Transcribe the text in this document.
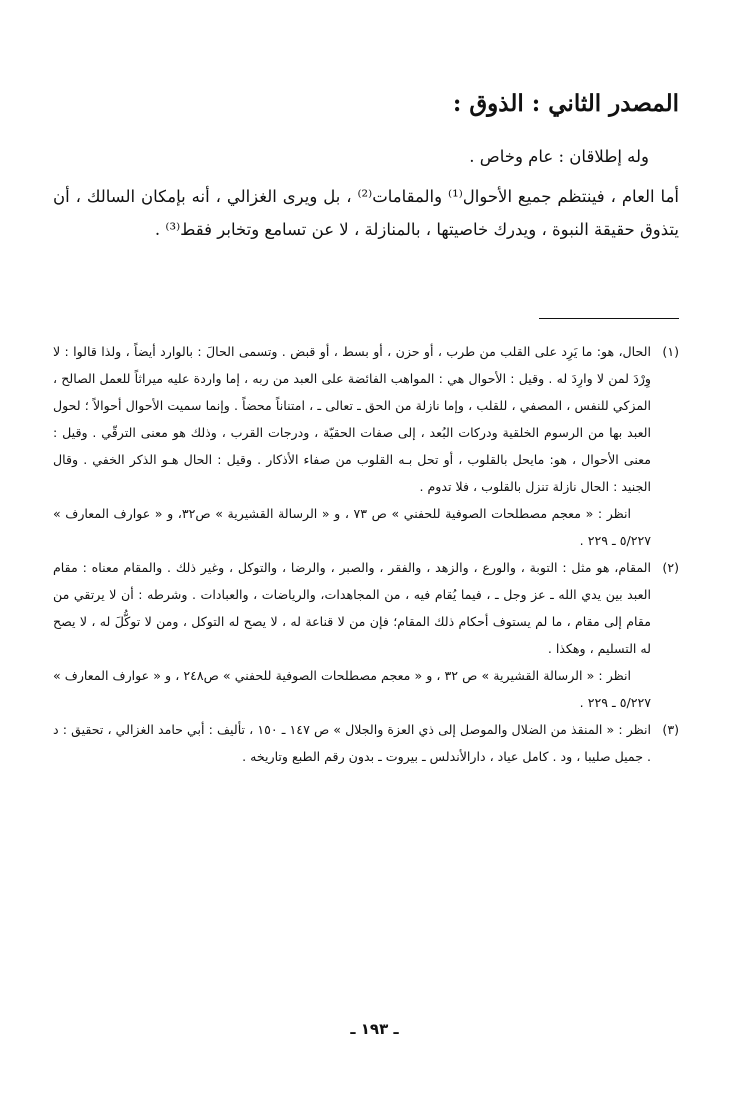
المصدر الثاني : الذوق :
وله إطلاقان : عام وخاص .
أما العام ، فينتظم جميع الأحوال⁽¹⁾ والمقامات⁽²⁾ ، بل ويرى الغزالي ، أنه بإمكان السالك ، أن يتذوق حقيقة النبوة ، ويدرك خاصيتها ، بالمنازلة ، لا عن تسامع وتخابر فقط⁽³⁾ .
(١)

الحال، هو: ما يَرِد على القلب من طرب ، أو حزن ، أو بسط ، أو قبض . وتسمى الحالَ : بالوارد أيضاً ، ولذا قالوا : لا وِرْدَ لمن لا وارِدَ له . وقيل : الأحوال هي : المواهب الفائضة على العبد من ربه ، إما واردة عليه ميراثاً للعمل الصالح ، المزكي للنفس ، المصفي ، للقلب ، وإما نازلة من الحق ـ تعالى ـ ، امتناناً محضاً . وإنما سميت الأحوال أحوالاً ؛ لحول العبد بها من الرسوم الخلقية ودركات البُعد ، إلى صفات الحقيّة ، ودرجات القرب ، وذلك هو معنى الترقّي . وقيل : معنى الأحوال ، هو: مايحل بالقلوب ، أو تحل بـه القلوب من صفاء الأذكار . وقيل : الحال هـو الذكر الخفي . وقال الجنيد : الحال نازلة تنزل بالقلوب ، فلا تدوم .

انظر : « معجم مصطلحات الصوفية للحفني » ص ٧٣ ، و « الرسالة القشيرية » ص٣٢، و « عوارف المعارف » ٥/٢٢٧ ـ ٢٢٩ .

(٢)

المقام، هو مثل : التوبة ، والورع ، والزهد ، والفقر ، والصبر ، والرضا ، والتوكل ، وغير ذلك . والمقام معناه : مقام العبد بين يدي الله ـ عز وجل ـ ، فيما يُقام فيه ، من المجاهدات، والرياضات ، والعبادات . وشرطه : أن لا يرتقي من مقام إلى مقام ، ما لم يستوف أحكام ذلك المقام؛ فإن من لا قناعة له ، لا يصح له التوكل ، ومن لا توكُّلَ له ، لا يصح له التسليم ، وهكذا .

انظر : « الرسالة القشيرية » ص ٣٢ ، و « معجم مصطلحات الصوفية للحفني » ص٢٤٨ ، و « عوارف المعارف » ٥/٢٢٧ ـ ٢٢٩ .

(٣)

انظر : « المنقذ من الضلال والموصل إلى ذي العزة والجلال » ص ١٤٧ ـ ١٥٠ ، تأليف : أبي حامد الغزالي ، تحقيق : د . جميل صليبا ، ود . كامل عياد ، دارالأندلس ـ بيروت ـ بدون رقم الطبع وتاريخه .

ـ ١٩٣ ـ
